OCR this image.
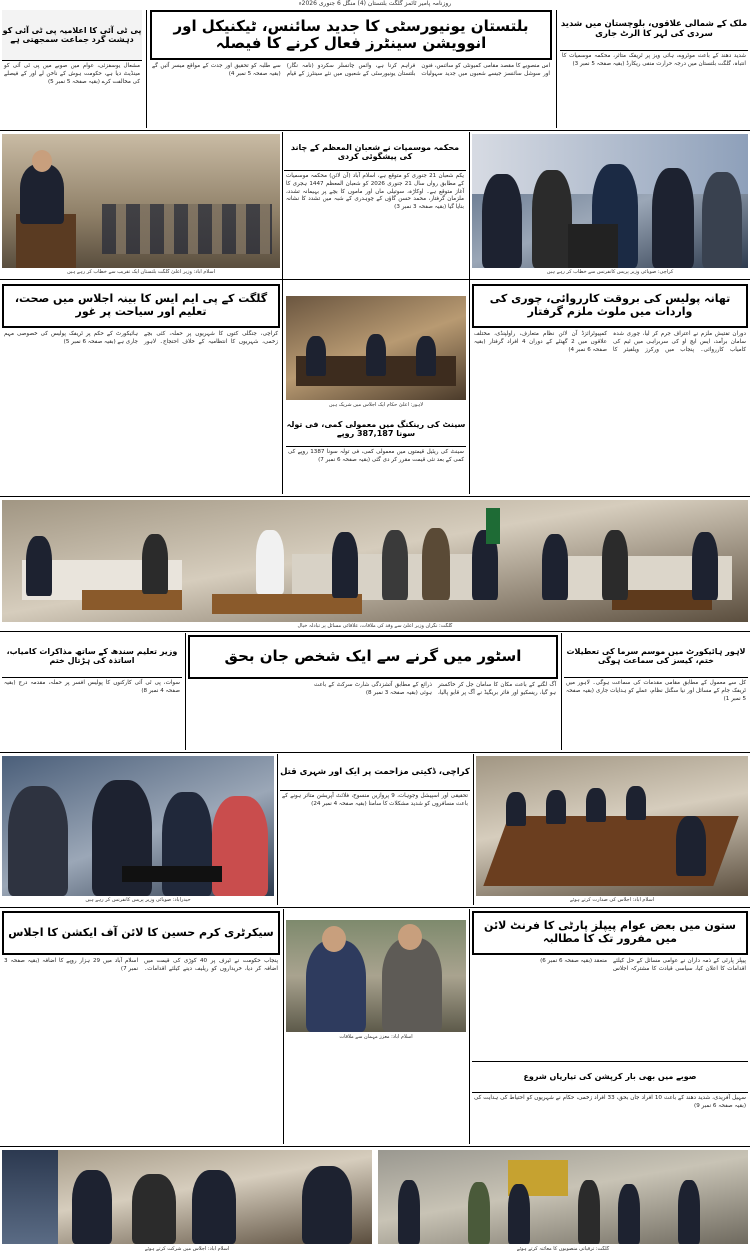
روزنامہ پامیر ٹائمز گلگت بلتستان (4) منگل 6 جنوری 2026ء
پی ٹی آئی کا اعلامیہ پی ٹی آئی کو دہشت گرد جماعت سمجھتی ہے
مشعال یوسفزئی، عوام میں صوبے میں پی ٹی آئی کو مینڈیٹ دیا ہے، حکومت ہوش کے ناخن لے اور کے فیصلے کی مخالفت کرے (بقیہ صفحہ 5 نمبر 5)
بلتستان یونیورسٹی کا جدید سائنس، ٹیکنیکل اور انوویشن سینٹرز فعال کرنے کا فیصلہ
اس منصوبے کا مقصد مقامی کمیونٹی کو سائنس، فنون اور سوشل سائنسز جیسے شعبوں میں جدید سہولیات فراہم کرنا ہے، وائس چانسلر سکردو (نامہ نگار) بلتستان یونیورسٹی کے شعبوں میں نئے سینٹرز کے قیام سے طلبہ کو تحقیق اور جدت کے مواقع میسر آئیں گے (بقیہ صفحہ 5 نمبر 4)
ملک کے شمالی علاقوں، بلوچستان میں شدید سردی کی لہر کا الرٹ جاری
شدید دھند کے باعث موٹروے، ہائی ویز پر ٹریفک متاثر، محکمہ موسمیات کا انتباہ، گلگت بلتستان میں درجہ حرارت منفی ریکارڈ (بقیہ صفحہ 5 نمبر 3)
اسلام آباد: وزیر اعلیٰ گلگت بلتستان ایک تقریب سے خطاب کر رہے ہیں
محکمہ موسمیات نے شعبان المعظم کے چاند کی پیشگوئی کردی
یکم شعبان 21 جنوری کو متوقع ہے، اسلام آباد (آن لائن) محکمہ موسمیات کے مطابق رواں سال 21 جنوری 2026 کو شعبان المعظم 1447 ہجری کا آغاز متوقع ہے۔ اوکاڑہ، سوتیلی ماں اور ماموں کا بچے پر بہیمانہ تشدد، ملزمان گرفتار، محمد حسن گاؤں کے چوہدری کے شبہ میں تشدد کا نشانہ بنایا گیا (بقیہ صفحہ 3 نمبر 3)
کراچی: صوبائی وزیر پریس کانفرنس سے خطاب کر رہے ہیں
گلگت کے پی ایم ایس کا بینہ اجلاس میں صحت، تعلیم اور سیاحت پر غور
کراچی، جنگلی کتوں کا شہریوں پر حملہ، کئی بچے زخمی، شہریوں کا انتظامیہ کے خلاف احتجاج۔ لاہور ہائیکورٹ کے حکم پر ٹریفک پولیس کی خصوصی مہم جاری ہے (بقیہ صفحہ 6 نمبر 5)
لاہور: اعلیٰ حکام ایک اجلاس میں شریک ہیں
سینٹ کی رینکنگ میں معمولی کمی، فی تولہ سونا 387,187 روپے
سینٹ کی ریٹیل قیمتوں میں معمولی کمی، فی تولہ سونا 1387 روپے کی کمی کے بعد نئی قیمت مقرر کر دی گئی (بقیہ صفحہ 6 نمبر 7)
تھانہ پولیس کی بروقت کارروائی، چوری کی واردات میں ملوث ملزم گرفتار
دوران تفتیش ملزم نے اعتراف جرم کر لیا، چوری شدہ سامان برآمد، ایس ایچ او کی سربراہی میں ٹیم کی کامیاب کارروائی۔ پنجاب میں ورکرز ویلفیئر کا کمپیوٹرائزڈ آن لائن نظام متعارف، راولپنڈی، مختلف علاقوں میں 2 گھنٹے کے دوران 4 افراد گرفتار (بقیہ صفحہ 6 نمبر 4)
گلگت: نگران وزیر اعلیٰ سے وفد کی ملاقات، علاقائی مسائل پر تبادلہ خیال
وزیر تعلیم سندھ کے ساتھ مذاکرات کامیاب، اساتذہ کی ہڑتال ختم
سوات، پی ٹی آئی کارکنوں کا پولیس افسر پر حملہ، مقدمہ درج (بقیہ صفحہ 4 نمبر 8)
اسٹور میں گرنے سے ایک شخص جان بحق
آگ لگنے کے باعث مکان کا سامان جل کر خاکستر ہو گیا، ریسکیو اور فائر بریگیڈ نے آگ پر قابو پالیا، ذرائع کے مطابق آتشزدگی شارٹ سرکٹ کے باعث ہوئی (بقیہ صفحہ 3 نمبر 8)
لاہور ہائیکورٹ میں موسم سرما کی تعطیلات ختم، کیسز کی سماعت ہوگی
کل سے معمول کے مطابق مقامی مقدمات کی سماعت ہوگی۔ لاہور میں ٹریفک جام کے مسائل اور نیا سگنل نظام، عملے کو ہدایات جاری (بقیہ صفحہ 5 نمبر 1)
حیدرآباد: صوبائی وزیر پریس کانفرنس کر رہے ہیں
کراچی، ڈکیتی مزاحمت پر ایک اور شہری قتل
تحقیقی اور اسپیشل وجوہات، 9 پروازیں منسوخ، فلائٹ آپریشن متاثر ہونے کے باعث مسافروں کو شدید مشکلات کا سامنا (بقیہ صفحہ 4 نمبر 24)
اسلام آباد: اجلاس کی صدارت کرتے ہوئے
سیکرٹری کرم حسین کا لائن آف ایکشن کا اجلاس
پنجاب حکومت نے ٹیرف پر 40 کوڑی کی قیمت میں اضافہ کر دیا، خریداروں کو ریلیف دینے کیلئے اقدامات۔ اسلام آباد میں 29 ہزار روپے کا اضافہ (بقیہ صفحہ 3 نمبر 7)
اسلام آباد: معزز مہمان سے ملاقات
ستون میں بعض عوام پیپلز پارٹی کا فرنٹ لائن میں مفرور تک کا مطالبہ
پیپلز پارٹی کے ذمہ داران نے عوامی مسائل کے حل کیلئے اقدامات کا اعلان کیا، سیاسی قیادت کا مشترکہ اجلاس منعقد (بقیہ صفحہ 6 نمبر 6)
صوبے میں بھی بار کرپشن کی تیاریاں شروع
سہیل آفریدی، شدید دھند کے باعث 10 افراد جاں بحق، 33 افراد زخمی، حکام نے شہریوں کو احتیاط کی ہدایت کی (بقیہ صفحہ 6 نمبر 9)
اسلام آباد: اجلاس میں شرکت کرتے ہوئے	گلگت: ترقیاتی منصوبوں کا معائنہ کرتے ہوئے
